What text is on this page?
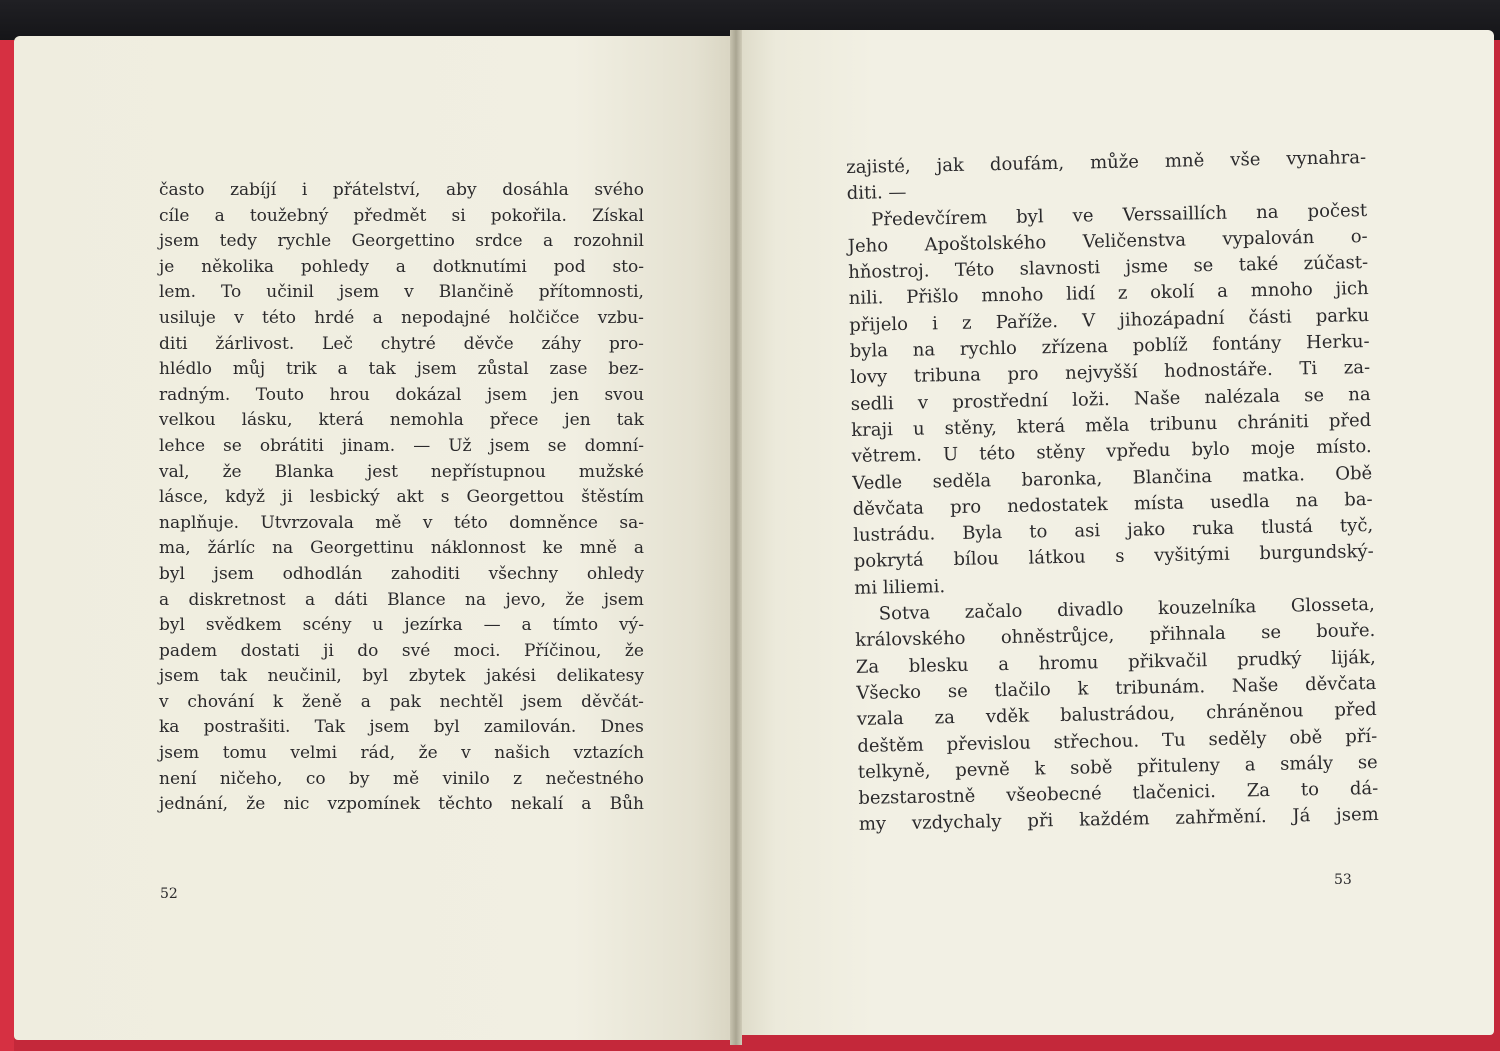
často zabíjí i přátelství, aby dosáhla svého
cíle a toužebný předmět si pokořila. Získal
jsem tedy rychle Georgettino srdce a rozohnil
je několika pohledy a dotknutími pod sto-
lem. To učinil jsem v Blančině přítomnosti,
usiluje v této hrdé a nepodajné holčičce vzbu-
diti žárlivost. Leč chytré děvče záhy pro-
hlédlo můj trik a tak jsem zůstal zase bez-
radným. Touto hrou dokázal jsem jen svou
velkou lásku, která nemohla přece jen tak
lehce se obrátiti jinam. — Už jsem se domní-
val, že Blanka jest nepřístupnou mužské
lásce, když ji lesbický akt s Georgettou štěstím
naplňuje. Utvrzovala mě v této domněnce sa-
ma, žárlíc na Georgettinu náklonnost ke mně a
byl jsem odhodlán zahoditi všechny ohledy
a diskretnost a dáti Blance na jevo, že jsem
byl svědkem scény u jezírka — a tímto vý-
padem dostati ji do své moci. Příčinou, že
jsem tak neučinil, byl zbytek jakési delikatesy
v chování k ženě a pak nechtěl jsem děvčát-
ka postrašiti. Tak jsem byl zamilován. Dnes
jsem tomu velmi rád, že v našich vztazích
není ničeho, co by mě vinilo z nečestného
jednání, že nic vzpomínek těchto nekalí a Bůh
52
zajisté, jak doufám, může mně vše vynahra-
diti. —
Předevčírem byl ve Verssaillích na počest
Jeho Apoštolského Veličenstva vypalován o-
hňostroj. Této slavnosti jsme se také zúčast-
nili. Přišlo mnoho lidí z okolí a mnoho jich
přijelo i z Paříže. V jihozápadní části parku
byla na rychlo zřízena poblíž fontány Herku-
lovy tribuna pro nejvyšší hodnostáře. Ti za-
sedli v prostřední loži. Naše nalézala se na
kraji u stěny, která měla tribunu chrániti před
větrem. U této stěny vpředu bylo moje místo.
Vedle seděla baronka, Blančina matka. Obě
děvčata pro nedostatek místa usedla na ba-
lustrádu. Byla to asi jako ruka tlustá tyč,
pokrytá bílou látkou s vyšitými burgundský-
mi liliemi.
Sotva začalo divadlo kouzelníka Glosseta,
královského ohněstrůjce, přihnala se bouře.
Za blesku a hromu přikvačil prudký liják,
Všecko se tlačilo k tribunám. Naše děvčata
vzala za vděk balustrádou, chráněnou před
deštěm převislou střechou. Tu seděly obě pří-
telkyně, pevně k sobě přituleny a smály se
bezstarostně všeobecné tlačenici. Za to dá-
my vzdychaly při každém zahřmění. Já jsem
53
